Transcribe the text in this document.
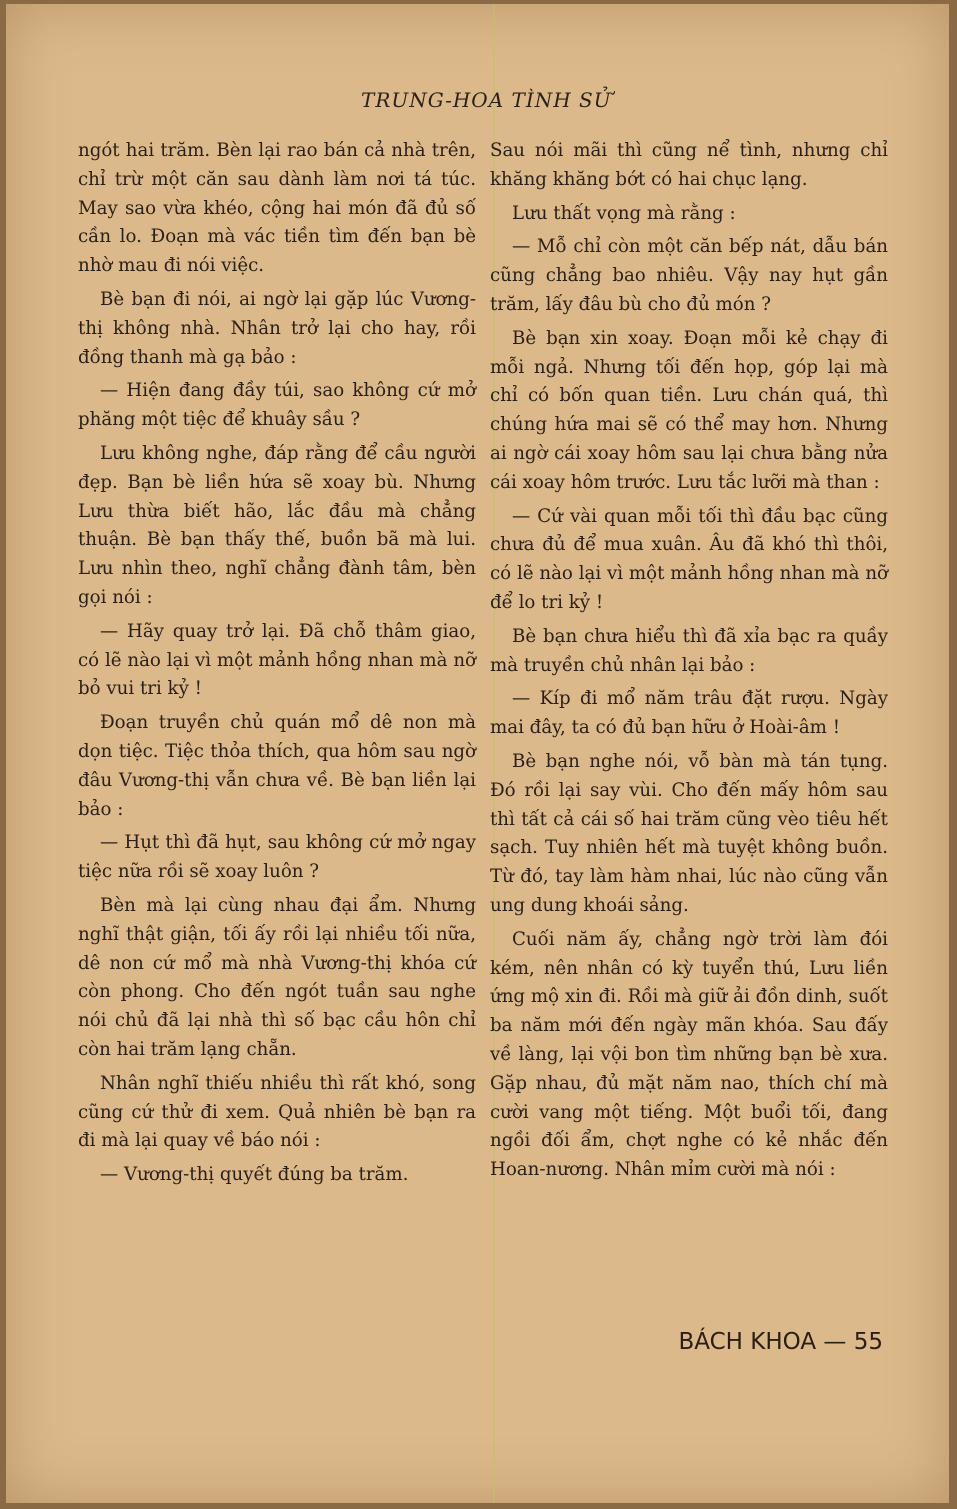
TRUNG-HOA TÌNH SỬ

ngót hai trăm. Bèn lại rao bán cả nhà trên, chỉ trừ một căn sau dành làm nơi tá túc. May sao vừa khéo, cộng hai món đã đủ số cần lo. Đoạn mà vác tiền tìm đến bạn bè nhờ mau đi nói việc.

Bè bạn đi nói, ai ngờ lại gặp lúc Vương-thị không nhà. Nhân trở lại cho hay, rồi đồng thanh mà gạ bảo :

— Hiện đang đầy túi, sao không cứ mở phăng một tiệc để khuây sầu ?

Lưu không nghe, đáp rằng để cầu người đẹp. Bạn bè liền hứa sẽ xoay bù. Nhưng Lưu thừa biết hão, lắc đầu mà chẳng thuận. Bè bạn thấy thế, buồn bã mà lui. Lưu nhìn theo, nghĩ chẳng đành tâm, bèn gọi nói :

— Hãy quay trở lại. Đã chỗ thâm giao, có lẽ nào lại vì một mảnh hồng nhan mà nỡ bỏ vui tri kỷ !

Đoạn truyền chủ quán mổ dê non mà dọn tiệc. Tiệc thỏa thích, qua hôm sau ngờ đâu Vương-thị vẫn chưa về. Bè bạn liền lại bảo :

— Hụt thì đã hụt, sau không cứ mở ngay tiệc nữa rồi sẽ xoay luôn ?

Bèn mà lại cùng nhau đại ẩm. Nhưng nghĩ thật giận, tối ấy rồi lại nhiều tối nữa, dê non cứ mổ mà nhà Vương-thị khóa cứ còn phong. Cho đến ngót tuần sau nghe nói chủ đã lại nhà thì số bạc cầu hôn chỉ còn hai trăm lạng chẵn.

Nhân nghĩ thiếu nhiều thì rất khó, song cũng cứ thử đi xem. Quả nhiên bè bạn ra đi mà lại quay về báo nói :

— Vương-thị quyết đúng ba trăm.

Sau nói mãi thì cũng nể tình, nhưng chỉ khăng khăng bớt có hai chục lạng.

Lưu thất vọng mà rằng :

— Mỗ chỉ còn một căn bếp nát, dẫu bán cũng chẳng bao nhiêu. Vậy nay hụt gần trăm, lấy đâu bù cho đủ món ?

Bè bạn xin xoay. Đoạn mỗi kẻ chạy đi mỗi ngả. Nhưng tối đến họp, góp lại mà chỉ có bốn quan tiền. Lưu chán quá, thì chúng hứa mai sẽ có thể may hơn. Nhưng ai ngờ cái xoay hôm sau lại chưa bằng nửa cái xoay hôm trước. Lưu tắc lưỡi mà than :

— Cứ vài quan mỗi tối thì đầu bạc cũng chưa đủ để mua xuân. Âu đã khó thì thôi, có lẽ nào lại vì một mảnh hồng nhan mà nỡ để lo tri kỷ !

Bè bạn chưa hiểu thì đã xỉa bạc ra quầy mà truyền chủ nhân lại bảo :

— Kíp đi mổ năm trâu đặt rượu. Ngày mai đây, ta có đủ bạn hữu ở Hoài-âm !

Bè bạn nghe nói, vỗ bàn mà tán tụng. Đó rồi lại say vùi. Cho đến mấy hôm sau thì tất cả cái số hai trăm cũng vèo tiêu hết sạch. Tuy nhiên hết mà tuyệt không buồn. Từ đó, tay làm hàm nhai, lúc nào cũng vẫn ung dung khoái sảng.

Cuối năm ấy, chẳng ngờ trời làm đói kém, nên nhân có kỳ tuyển thú, Lưu liền ứng mộ xin đi. Rồi mà giữ ải đồn dinh, suốt ba năm mới đến ngày mãn khóa. Sau đấy về làng, lại vội bon tìm những bạn bè xưa. Gặp nhau, đủ mặt năm nao, thích chí mà cười vang một tiếng. Một buổi tối, đang ngồi đối ẩm, chợt nghe có kẻ nhắc đến Hoan-nương. Nhân mỉm cười mà nói :

BÁCH KHOA — 55
